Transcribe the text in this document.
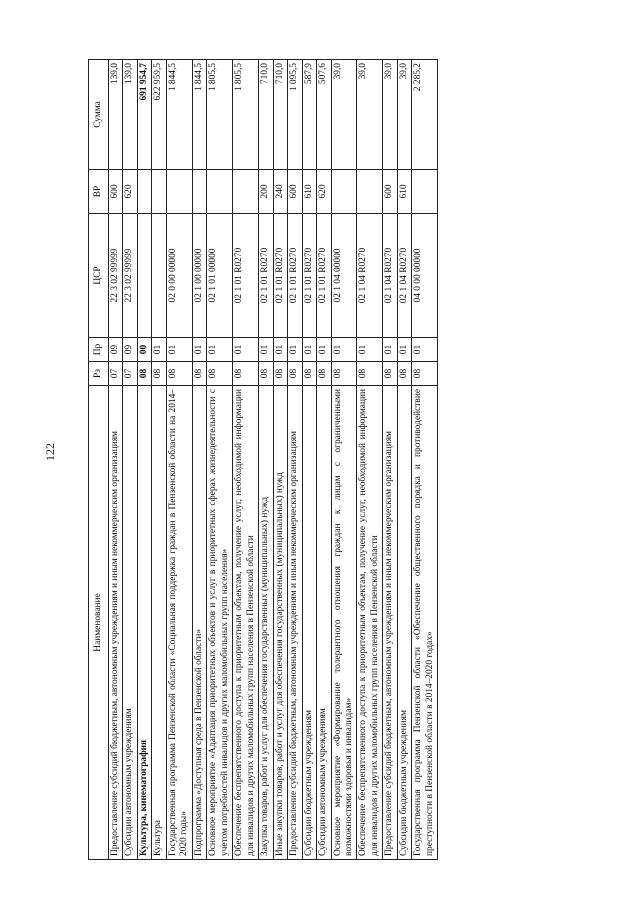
122
Наименование	Рз	Пр	ЦСР	ВР	Сумма
Предоставление субсидий бюджетным, автономным учреждениям и иным некоммерческим организациям	07	09	22 3 02 99999	600	139,0
Субсидии автономным учреждениям	07	09	22 3 02 99999	620	139,0
Культура, кинематография	08	00			691 954,7
Культура	08	01			622 959,5
Государственная программа Пензенской области «Социальная поддержка граждан в Пензенской области на 2014–2020 годы»	08	01	02 0 00 00000		1 844,5
Подпрограмма «Доступная среда в Пензенской области»	08	01	02 1 00 00000		1 844,5
Основное мероприятие «Адаптация приоритетных объектов и услуг в приоритетных сферах жизнедеятельности с учетом потребностей инвалидов и других маломобильных групп населения»	08	01	02 1 01 00000		1 805,5
Обеспечение беспрепятственного доступа к приоритетным объектам, получение услуг, необходимой информации для инвалидов и других маломобильных групп населения в Пензенской области	08	01	02 1 01 R0270		1 805,5
Закупка товаров, работ и услуг для обеспечения государственных (муниципальных) нужд	08	01	02 1 01 R0270	200	710,0
Иные закупки товаров, работ и услуг для обеспечения государственных (муниципальных) нужд	08	01	02 1 01 R0270	240	710,0
Предоставление субсидий бюджетным, автономным учреждениям и иным некоммерческим организациям	08	01	02 1 01 R0270	600	1 095,5
Субсидии бюджетным учреждениям	08	01	02 1 01 R0270	610	587,9
Субсидии автономным учреждениям	08	01	02 1 01 R0270	620	507,6
Основное мероприятие «Формирование толерантного отношения граждан к лицам с ограниченными возможностями здоровья и инвалидам»	08	01	02 1 04 00000		39,0
Обеспечение беспрепятственного доступа к приоритетным объектам, получение услуг, необходимой информации для инвалидов и других маломобильных групп населения в Пензенской области	08	01	02 1 04 R0270		39,0
Предоставление субсидий бюджетным, автономным учреждениям и иным некоммерческим организациям	08	01	02 1 04 R0270	600	39,0
Субсидии бюджетным учреждениям	08	01	02 1 04 R0270	610	39,0
Государственная программа Пензенской области «Обеспечение общественного порядка и противодействие преступности в Пензенской области в 2014–2020 годах»	08	01	04 0 00 00000		2 285,2
